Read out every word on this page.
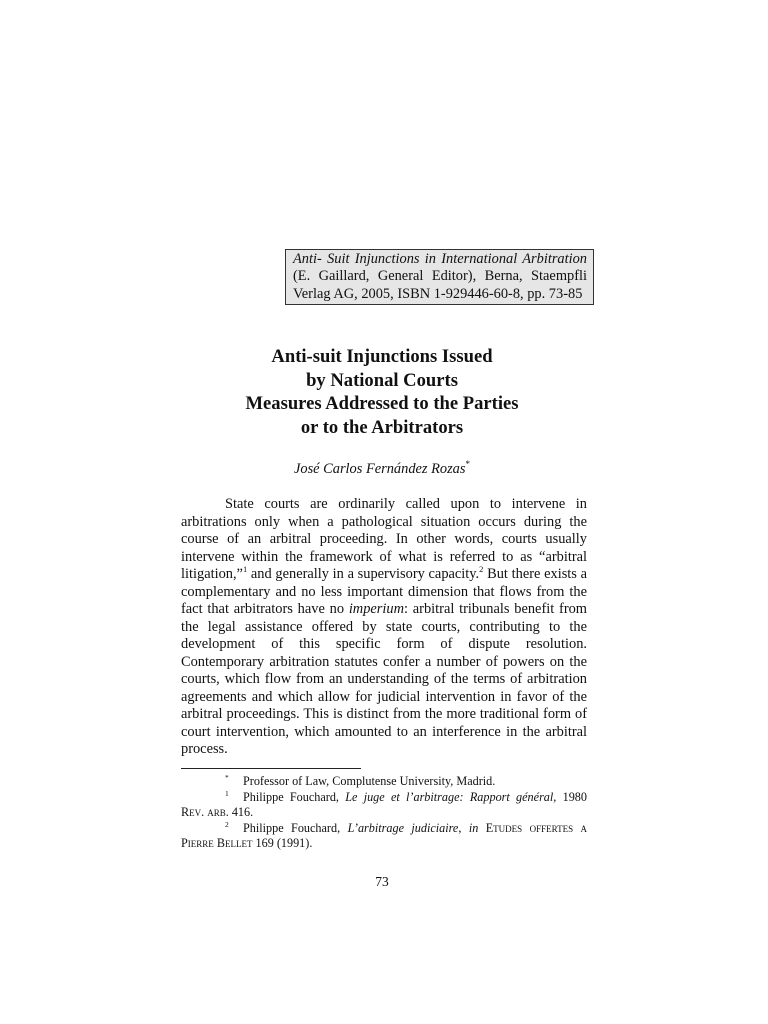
Anti- Suit Injunctions in International Arbitration (E. Gaillard, General Editor), Berna, Staempfli Verlag AG, 2005, ISBN 1-929446-60-8, pp. 73-85
Anti-suit Injunctions Issued
by National Courts
Measures Addressed to the Parties
or to the Arbitrators
José Carlos Fernández Rozas*

State courts are ordinarily called upon to intervene in arbitrations only when a pathological situation occurs during the course of an arbitral proceeding. In other words, courts usually intervene within the framework of what is referred to as “arbitral litigation,”$^1$ and generally in a supervisory capacity.$^2$ But there exists a complementary and no less important dimension that flows from the fact that arbitrators have no imperium: arbitral tribunals benefit from the legal assistance offered by state courts, contributing to the development of this specific form of dispute resolution. Contemporary arbitration statutes confer a number of powers on the courts, which flow from an understanding of the terms of arbitration agreements and which allow for judicial intervention in favor of the arbitral proceedings. This is distinct from the more traditional form of court intervention, which amounted to an interference in the arbitral process.

* Professor of Law, Complutense University, Madrid.

$^1$ Philippe Fouchard, Le juge et l’arbitrage: Rapport général, 1980 Rev. arb. 416.

$^2$ Philippe Fouchard, L’arbitrage judiciaire, in Etudes offertes a Pierre Bellet 169 (1991).

73
